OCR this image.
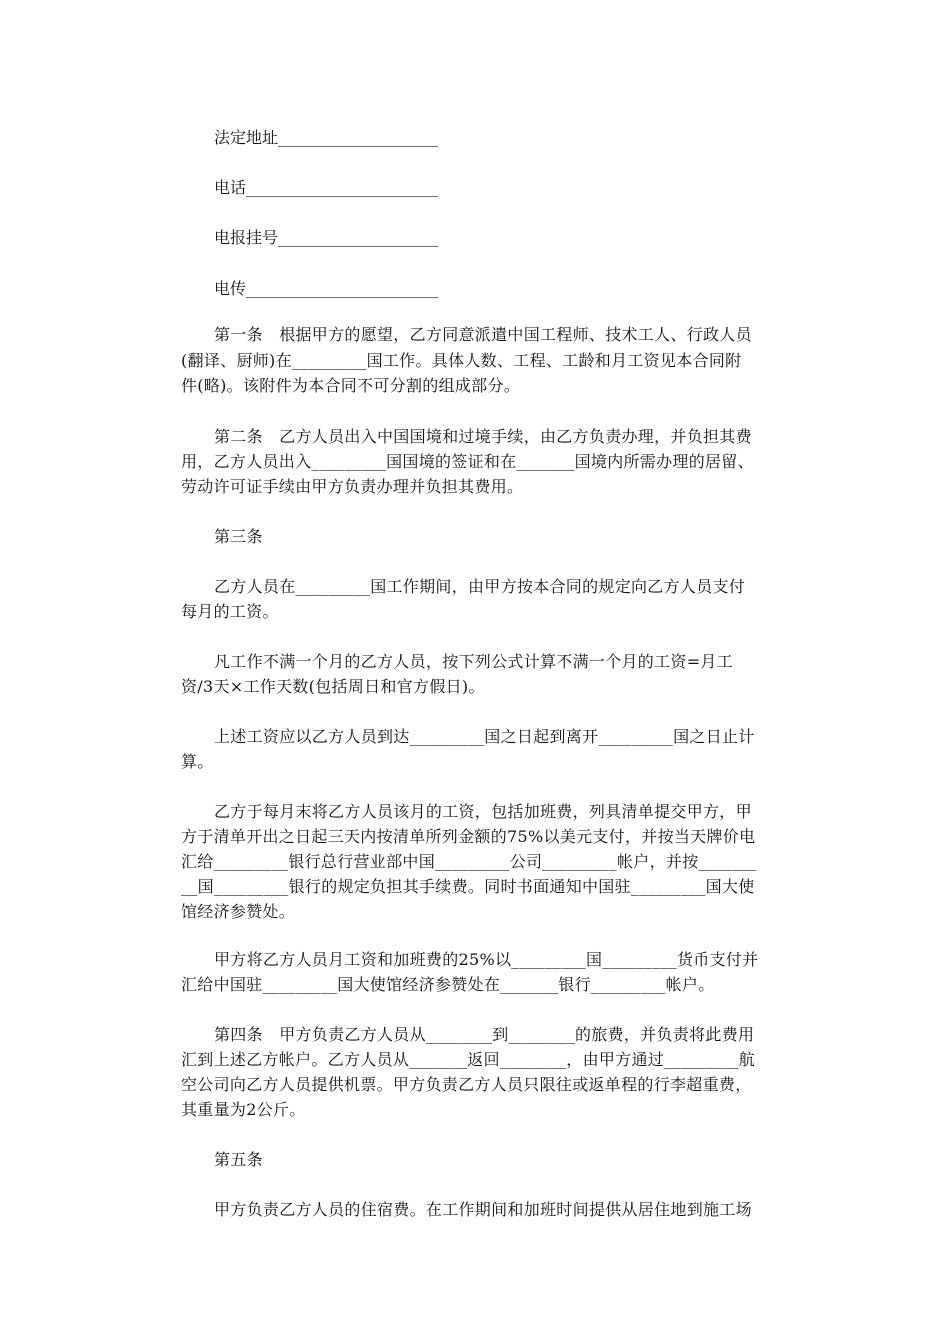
法定地址____________________
电话________________________
电报挂号____________________
电传________________________
第一条　根据甲方的愿望，乙方同意派遣中国工程师、技术工人、行政人员
(翻译、厨师)在_________国工作。具体人数、工程、工龄和月工资见本合同附
件(略)。该附件为本合同不可分割的组成部分。
第二条　乙方人员出入中国国境和过境手续，由乙方负责办理，并负担其费
用，乙方人员出入_________国国境的签证和在_______国境内所需办理的居留、
劳动许可证手续由甲方负责办理并负担其费用。
第三条
乙方人员在_________国工作期间，由甲方按本合同的规定向乙方人员支付
每月的工资。
凡工作不满一个月的乙方人员，按下列公式计算不满一个月的工资=月工
资/3天×工作天数(包括周日和官方假日)。
上述工资应以乙方人员到达_________国之日起到离开_________国之日止计
算。
乙方于每月末将乙方人员该月的工资，包括加班费，列具清单提交甲方，甲
方于清单开出之日起三天内按清单所列金额的75%以美元支付，并按当天牌价电
汇给_________银行总行营业部中国_________公司_________帐户，并按_______
__国_________银行的规定负担其手续费。同时书面通知中国驻_________国大使
馆经济参赞处。
甲方将乙方人员月工资和加班费的25%以_________国_________货币支付并
汇给中国驻_________国大使馆经济参赞处在_______银行_________帐户。
第四条　甲方负责乙方人员从________到________的旅费，并负责将此费用
汇到上述乙方帐户。乙方人员从_______返回________，由甲方通过_________航
空公司向乙方人员提供机票。甲方负责乙方人员只限往或返单程的行李超重费，
其重量为2公斤。
第五条
甲方负责乙方人员的住宿费。在工作期间和加班时间提供从居住地到施工场
